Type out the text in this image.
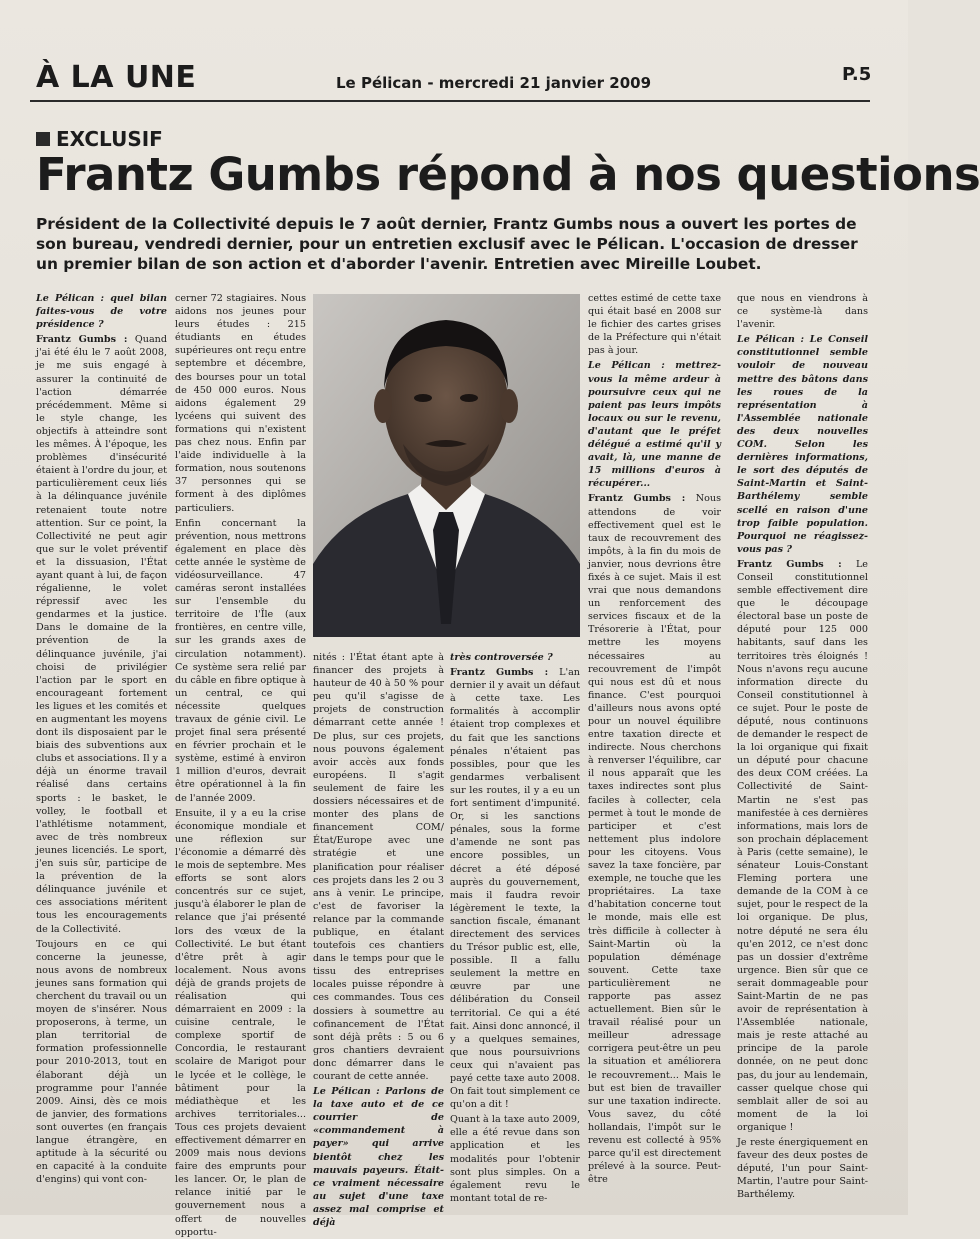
À LA UNE	Le Pélican - mercredi 21 janvier 2009	P.5
EXCLUSIF
Frantz Gumbs répond à nos questions
Président de la Collectivité depuis le 7 août dernier, Frantz Gumbs nous a ouvert les portes de son bureau, vendredi dernier, pour un entretien exclusif avec le Pélican. L'occasion de dresser un premier bilan de son action et d'aborder l'avenir. Entretien avec Mireille Loubet.

Le Pélican : quel bilan faites-vous de votre présidence ?

Frantz Gumbs : Quand j'ai été élu le 7 août 2008, je me suis engagé à assurer la continuité de l'action démarrée précédemment. Même si le style change, les objectifs à atteindre sont les mêmes. À l'époque, les problèmes d'insécurité étaient à l'ordre du jour, et particulièrement ceux liés à la délinquance juvénile retenaient toute notre attention. Sur ce point, la Collectivité ne peut agir que sur le volet préventif et la dissuasion, l'État ayant quant à lui, de façon régalienne, le volet répressif avec les gendarmes et la justice. Dans le domaine de la prévention de la délinquance juvénile, j'ai choisi de privilégier l'action par le sport en encourageant fortement les ligues et les comités et en augmentant les moyens dont ils disposaient par le biais des subventions aux clubs et associations. Il y a déjà un énorme travail réalisé dans certains sports : le basket, le volley, le football et l'athlétisme notamment, avec de très nombreux jeunes licenciés. Le sport, j'en suis sûr, participe de la prévention de la délinquance juvénile et ces associations méritent tous les encouragements de la Collectivité.

Toujours en ce qui concerne la jeunesse, nous avons de nombreux jeunes sans formation qui cherchent du travail ou un moyen de s'insérer. Nous proposerons, à terme, un plan territorial de formation professionnelle pour 2010-2013, tout en élaborant déjà un programme pour l'année 2009. Ainsi, dès ce mois de janvier, des formations sont ouvertes (en français langue étrangère, en aptitude à la sécurité ou en capacité à la conduite d'engins) qui vont con-

cerner 72 stagiaires. Nous aidons nos jeunes pour leurs études : 215 étudiants en études supérieures ont reçu entre septembre et décembre, des bourses pour un total de 450 000 euros. Nous aidons également 29 lycéens qui suivent des formations qui n'existent pas chez nous. Enfin par l'aide individuelle à la formation, nous soutenons 37 personnes qui se forment à des diplômes particuliers.

Enfin concernant la prévention, nous mettrons également en place dès cette année le système de vidéosurveillance. 47 caméras seront installées sur l'ensemble du territoire de l'Île (aux frontières, en centre ville, sur les grands axes de circulation notamment). Ce système sera relié par du câble en fibre optique à un central, ce qui nécessite quelques travaux de génie civil. Le projet final sera présenté en février prochain et le système, estimé à environ 1 million d'euros, devrait être opérationnel à la fin de l'année 2009.

Ensuite, il y a eu la crise économique mondiale et une réflexion sur l'économie a démarré dès le mois de septembre. Mes efforts se sont alors concentrés sur ce sujet, jusqu'à élaborer le plan de relance que j'ai présenté lors des vœux de la Collectivité. Le but étant d'être prêt à agir localement. Nous avons déjà de grands projets de réalisation qui démarraient en 2009 : la cuisine centrale, le complexe sportif de Concordia, le restaurant scolaire de Marigot pour le lycée et le collège, le bâtiment pour la médiathèque et les archives territoriales... Tous ces projets devaient effectivement démarrer en 2009 mais nous devions faire des emprunts pour les lancer. Or, le plan de relance initié par le gouvernement nous a offert de nouvelles opportu-

nités : l'État étant apte à financer des projets à hauteur de 40 à 50 % pour peu qu'il s'agisse de projets de construction démarrant cette année ! De plus, sur ces projets, nous pouvons également avoir accès aux fonds européens. Il s'agit seulement de faire les dossiers nécessaires et de monter des plans de financement COM/État/Europe avec une stratégie et une planification pour réaliser ces projets dans les 2 ou 3 ans à venir. Le principe, c'est de favoriser la relance par la commande publique, en étalant toutefois ces chantiers dans le temps pour que le tissu des entreprises locales puisse répondre à ces commandes. Tous ces dossiers à soumettre au cofinancement de l'État sont déjà prêts : 5 ou 6 gros chantiers devraient donc démarrer dans le courant de cette année.

Le Pélican : Parlons de la taxe auto et de ce courrier de «commandement à payer» qui arrive bientôt chez les mauvais payeurs. Était-ce vraiment nécessaire au sujet d'une taxe assez mal comprise et déjà

très controversée ?

Frantz Gumbs : L'an dernier il y avait un défaut à cette taxe. Les formalités à accomplir étaient trop complexes et du fait que les sanctions pénales n'étaient pas possibles, pour que les gendarmes verbalisent sur les routes, il y a eu un fort sentiment d'impunité. Or, si les sanctions pénales, sous la forme d'amende ne sont pas encore possibles, un décret a été déposé auprès du gouvernement, mais il faudra revoir légèrement le texte, la sanction fiscale, émanant directement des services du Trésor public est, elle, possible. Il a fallu seulement la mettre en œuvre par une délibération du Conseil territorial. Ce qui a été fait. Ainsi donc annoncé, il y a quelques semaines, que nous poursuivrions ceux qui n'avaient pas payé cette taxe auto 2008. On fait tout simplement ce qu'on a dit !

Quant à la taxe auto 2009, elle a été revue dans son application et les modalités pour l'obtenir sont plus simples. On a également revu le montant total de re-

cettes estimé de cette taxe qui était basé en 2008 sur le fichier des cartes grises de la Préfecture qui n'était pas à jour.

Le Pélican : mettrez-vous la même ardeur à poursuivre ceux qui ne paient pas leurs impôts locaux ou sur le revenu, d'autant que le préfet délégué a estimé qu'il y avait, là, une manne de 15 millions d'euros à récupérer...

Frantz Gumbs : Nous attendons de voir effectivement quel est le taux de recouvrement des impôts, à la fin du mois de janvier, nous devrions être fixés à ce sujet. Mais il est vrai que nous demandons un renforcement des services fiscaux et de la Trésorerie à l'État, pour mettre les moyens nécessaires au recouvrement de l'impôt qui nous est dû et nous finance. C'est pourquoi d'ailleurs nous avons opté pour un nouvel équilibre entre taxation directe et indirecte. Nous cherchons à renverser l'équilibre, car il nous apparaît que les taxes indirectes sont plus faciles à collecter, cela permet à tout le monde de participer et c'est nettement plus indolore pour les citoyens. Vous savez la taxe foncière, par exemple, ne touche que les propriétaires. La taxe d'habitation concerne tout le monde, mais elle est très difficile à collecter à Saint-Martin où la population déménage souvent. Cette taxe particulièrement ne rapporte pas assez actuellement. Bien sûr le travail réalisé pour un meilleur adressage corrigera peut-être un peu la situation et améliorera le recouvrement... Mais le but est bien de travailler sur une taxation indirecte. Vous savez, du côté hollandais, l'impôt sur le revenu est collecté à 95% parce qu'il est directement prélevé à la source. Peut-être

que nous en viendrons à ce système-là dans l'avenir.

Le Pélican : Le Conseil constitutionnel semble vouloir de nouveau mettre des bâtons dans les roues de la représentation à l'Assemblée nationale des deux nouvelles COM. Selon les dernières informations, le sort des députés de Saint-Martin et Saint-Barthélemy semble scellé en raison d'une trop faible population. Pourquoi ne réagissez-vous pas ?

Frantz Gumbs : Le Conseil constitutionnel semble effectivement dire que le découpage électoral base un poste de député pour 125 000 habitants, sauf dans les territoires très éloignés ! Nous n'avons reçu aucune information directe du Conseil constitutionnel à ce sujet. Pour le poste de député, nous continuons de demander le respect de la loi organique qui fixait un député pour chacune des deux COM créées. La Collectivité de Saint-Martin ne s'est pas manifestée à ces dernières informations, mais lors de son prochain déplacement à Paris (cette semaine), le sénateur Louis-Constant Fleming portera une demande de la COM à ce sujet, pour le respect de la loi organique. De plus, notre député ne sera élu qu'en 2012, ce n'est donc pas un dossier d'extrême urgence. Bien sûr que ce serait dommageable pour Saint-Martin de ne pas avoir de représentation à l'Assemblée nationale, mais je reste attaché au principe de la parole donnée, on ne peut donc pas, du jour au lendemain, casser quelque chose qui semblait aller de soi au moment de la loi organique !

Je reste énergiquement en faveur des deux postes de député, l'un pour Saint-Martin, l'autre pour Saint-Barthélemy.
